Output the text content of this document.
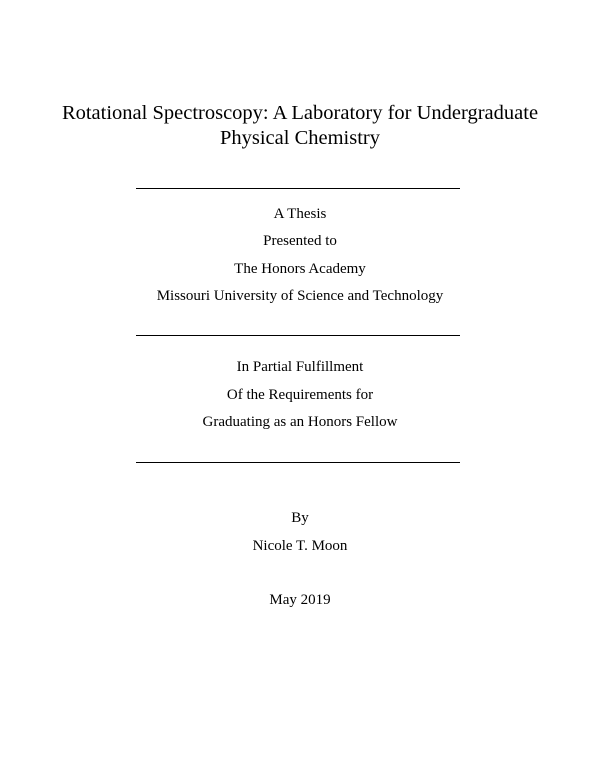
Rotational Spectroscopy: A Laboratory for Undergraduate
Physical Chemistry
A Thesis
Presented to
The Honors Academy
Missouri University of Science and Technology
In Partial Fulfillment
Of the Requirements for
Graduating as an Honors Fellow
By
Nicole T. Moon
May 2019
